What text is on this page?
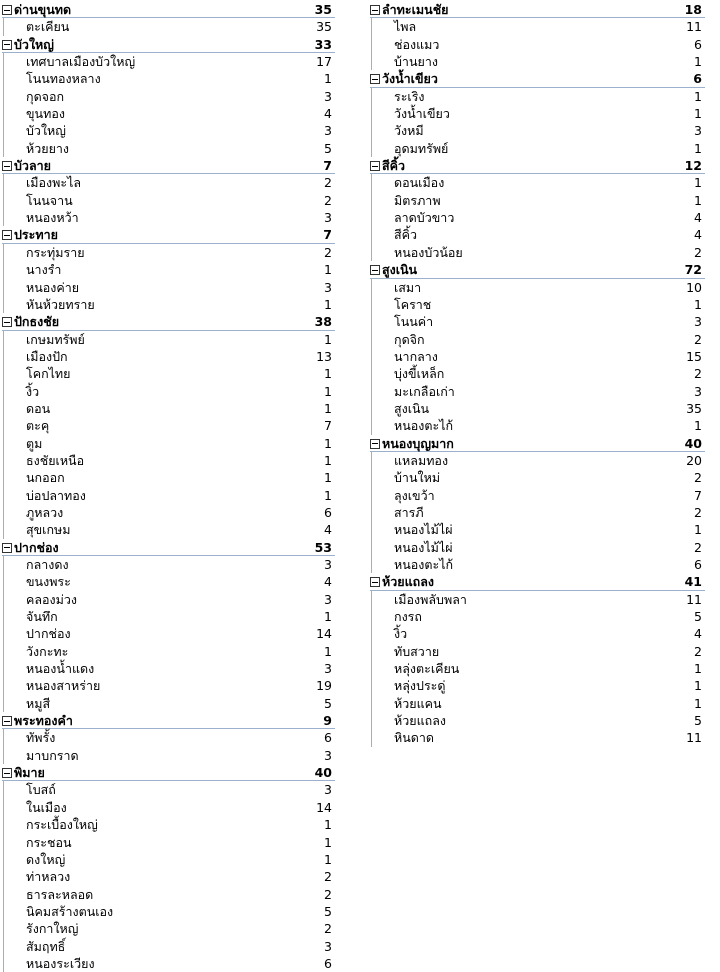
ด่านขุนทด	35
ตะเคียน	35
บัวใหญ่	33
เทศบาลเมืองบัวใหญ่	17
โนนทองหลาง	1
กุดจอก	3
ขุนทอง	4
บัวใหญ่	3
ห้วยยาง	5
บัวลาย	7
เมืองพะไล	2
โนนจาน	2
หนองหว้า	3
ประทาย	7
กระทุ่มราย	2
นางรำ	1
หนองค่าย	3
หันห้วยทราย	1
ปักธงชัย	38
เกษมทรัพย์	1
เมืองปัก	13
โคกไทย	1
งิ้ว	1
ดอน	1
ตะคุ	7
ตูม	1
ธงชัยเหนือ	1
นกออก	1
บ่อปลาทอง	1
ภูหลวง	6
สุขเกษม	4
ปากช่อง	53
กลางดง	3
ขนงพระ	4
คลองม่วง	3
จันทึก	1
ปากช่อง	14
วังกะทะ	1
หนองน้ำแดง	3
หนองสาหร่าย	19
หมูสี	5
พระทองคำ	9
ทัพรั้ง	6
มาบกราด	3
พิมาย	40
โบสถ์	3
ในเมือง	14
กระเบื้องใหญ่	1
กระชอน	1
ดงใหญ่	1
ท่าหลวง	2
ธารละหลอด	2
นิคมสร้างตนเอง	5
รังกาใหญ่	2
สัมฤทธิ์	3
หนองระเวียง	6
ลำทะเมนชัย	18
ไพล	11
ช่องแมว	6
บ้านยาง	1
วังน้ำเขียว	6
ระเริง	1
วังน้ำเขียว	1
วังหมี	3
อุดมทรัพย์	1
สีคิ้ว	12
ดอนเมือง	1
มิตรภาพ	1
ลาดบัวขาว	4
สีคิ้ว	4
หนองบัวน้อย	2
สูงเนิน	72
เสมา	10
โคราช	1
โนนค่า	3
กุดจิก	2
นากลาง	15
บุ่งขี้เหล็ก	2
มะเกลือเก่า	3
สูงเนิน	35
หนองตะไก้	1
หนองบุญมาก	40
แหลมทอง	20
บ้านใหม่	2
ลุงเขว้า	7
สารภี	2
หนองไม้ไผ่	1
หนองไม้ไผ่	2
หนองตะไก้	6
ห้วยแถลง	41
เมืองพลับพลา	11
กงรถ	5
งิ้ว	4
ทับสวาย	2
หลุ่งตะเคียน	1
หลุ่งประดู่	1
ห้วยแคน	1
ห้วยแถลง	5
หินดาด	11
